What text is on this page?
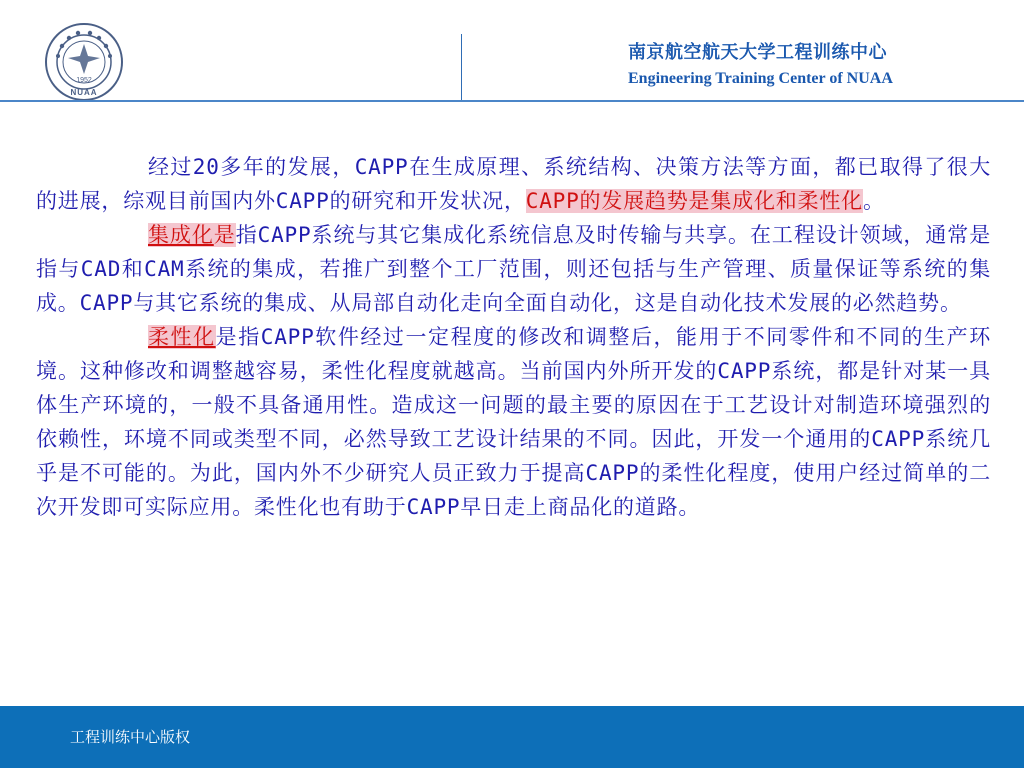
1952
NUAA
南京航空航天大学工程训练中心
Engineering Training Center of NUAA

经过20多年的发展，CAPP在生成原理、系统结构、决策方法等方面，都已取得了很大的进展，综观目前国内外CAPP的研究和开发状况，CAPP的发展趋势是集成化和柔性化。

集成化是指CAPP系统与其它集成化系统信息及时传输与共享。在工程设计领域，通常是指与CAD和CAM系统的集成，若推广到整个工厂范围，则还包括与生产管理、质量保证等系统的集成。CAPP与其它系统的集成、从局部自动化走向全面自动化，这是自动化技术发展的必然趋势。

柔性化是指CAPP软件经过一定程度的修改和调整后，能用于不同零件和不同的生产环境。这种修改和调整越容易，柔性化程度就越高。当前国内外所开发的CAPP系统，都是针对某一具体生产环境的，一般不具备通用性。造成这一问题的最主要的原因在于工艺设计对制造环境强烈的依赖性，环境不同或类型不同，必然导致工艺设计结果的不同。因此，开发一个通用的CAPP系统几乎是不可能的。为此，国内外不少研究人员正致力于提高CAPP的柔性化程度，使用户经过简单的二次开发即可实际应用。柔性化也有助于CAPP早日走上商品化的道路。

工程训练中心版权
